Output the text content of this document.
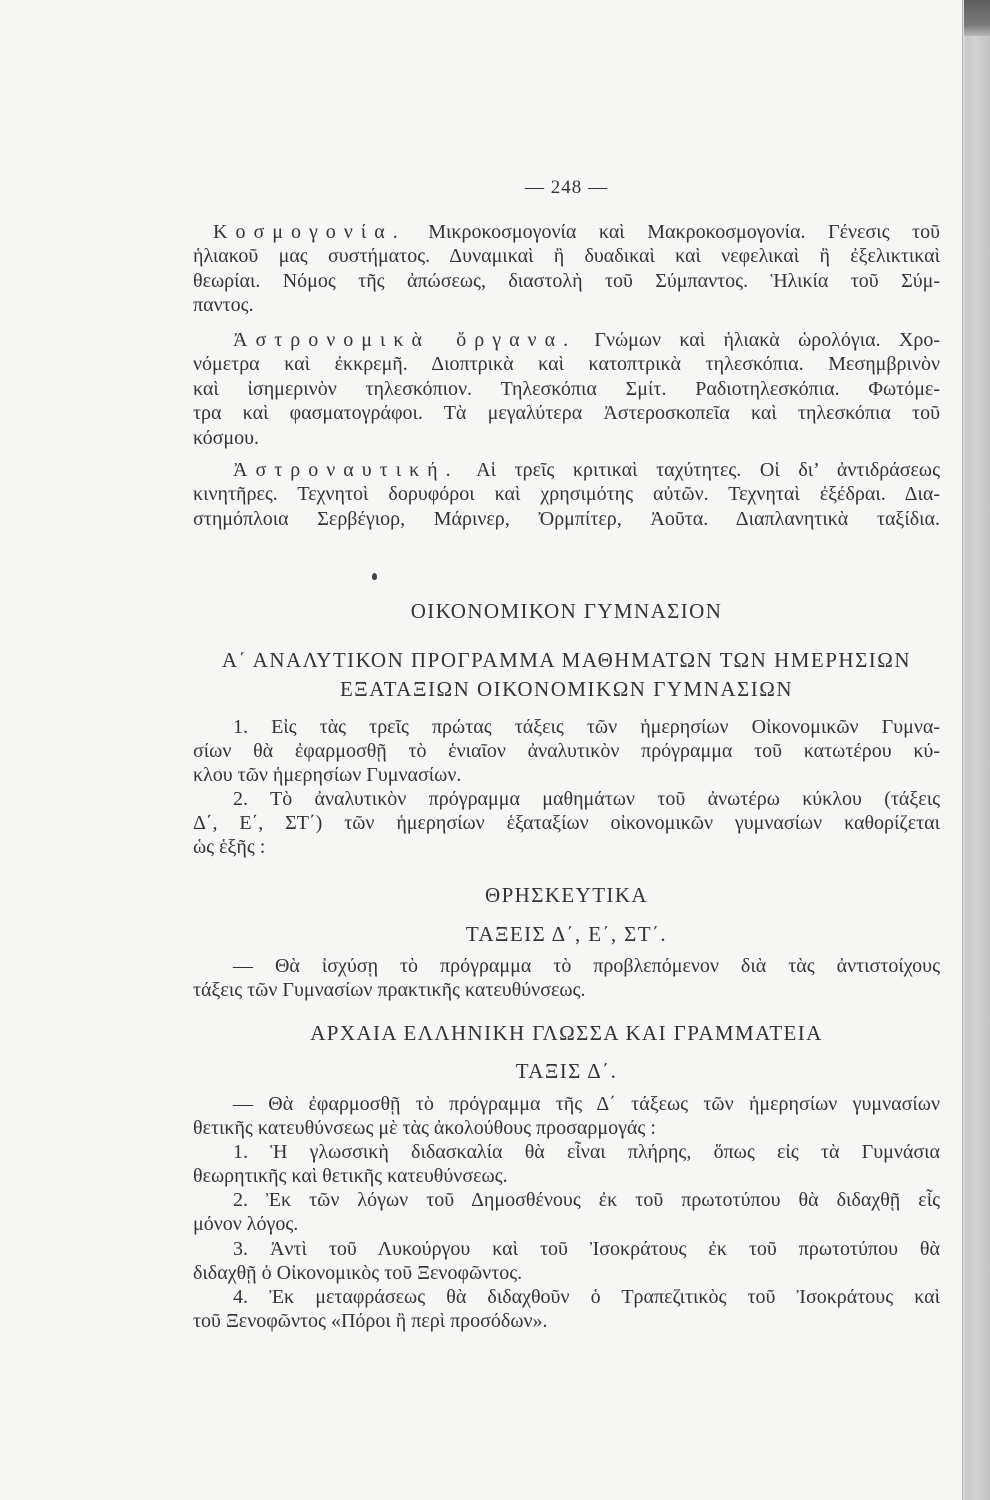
— 248 —
Κοσμογονία. Μικροκοσμογονία καὶ Μακροκοσμογονία. Γένεσις τοῦ
ἡλιακοῦ μας συστήματος. Δυναμικαὶ ἢ δυαδικαὶ καὶ νεφελικαὶ ἢ ἐξελικτικαὶ
θεωρίαι. Νόμος τῆς ἀπώσεως, διαστολὴ τοῦ Σύμπαντος. Ἡλικία τοῦ Σύμ-
παντος.
Ἀστρονομικὰ ὄργανα. Γνώμων καὶ ἡλιακὰ ὡρολόγια. Χρο-
νόμετρα καὶ ἐκκρεμῆ. Διοπτρικὰ καὶ κατοπτρικὰ τηλεσκόπια. Μεσημβρινὸν
καὶ ἰσημερινὸν τηλεσκόπιον. Τηλεσκόπια Σμίτ. Ραδιοτηλεσκόπια. Φωτόμε-
τρα καὶ φασματογράφοι. Τὰ μεγαλύτερα Ἀστεροσκοπεῖα καὶ τηλεσκόπια τοῦ
κόσμου.
Ἀστροναυτική. Αἱ τρεῖς κριτικαὶ ταχύτητες. Οἱ δι’ ἀντιδράσεως
κινητῆρες. Τεχνητοὶ δορυφόροι καὶ χρησιμότης αὐτῶν. Τεχνηταὶ ἐξέδραι. Δια-
στημόπλοια Σερβέγιορ, Μάρινερ, Ὀρμπίτερ, Ἀοῦτα. Διαπλανητικὰ ταξίδια.
ΟΙΚΟΝΟΜΙΚΟΝ ΓΥΜΝΑΣΙΟΝ
Α΄ ΑΝΑΛΥΤΙΚΟΝ ΠΡΟΓΡΑΜΜΑ ΜΑΘΗΜΑΤΩΝ ΤΩΝ ΗΜΕΡΗΣΙΩΝ
ΕΞΑΤΑΞΙΩΝ ΟΙΚΟΝΟΜΙΚΩΝ ΓΥΜΝΑΣΙΩΝ
1. Εἰς τὰς τρεῖς πρώτας τάξεις τῶν ἡμερησίων Οἰκονομικῶν Γυμνα-
σίων θὰ ἐφαρμοσθῇ τὸ ἑνιαῖον ἀναλυτικὸν πρόγραμμα τοῦ κατωτέρου κύ-
κλου τῶν ἡμερησίων Γυμνασίων.
2. Τὸ ἀναλυτικὸν πρόγραμμα μαθημάτων τοῦ ἀνωτέρω κύκλου (τάξεις
Δ΄, Ε΄, ΣΤ΄) τῶν ἡμερησίων ἑξαταξίων οἰκονομικῶν γυμνασίων καθορίζεται
ὡς ἑξῆς :
ΘΡΗΣΚΕΥΤΙΚΑ
ΤΑΞΕΙΣ Δ΄, Ε΄, ΣΤ΄.
— Θὰ ἰσχύσῃ τὸ πρόγραμμα τὸ προβλεπόμενον διὰ τὰς ἀντιστοίχους
τάξεις τῶν Γυμνασίων πρακτικῆς κατευθύνσεως.
ΑΡΧΑΙΑ ΕΛΛΗΝΙΚΗ ΓΛΩΣΣΑ ΚΑΙ ΓΡΑΜΜΑΤΕΙΑ
ΤΑΞΙΣ Δ΄.
— Θὰ ἐφαρμοσθῇ τὸ πρόγραμμα τῆς Δ΄ τάξεως τῶν ἡμερησίων γυμνασίων
θετικῆς κατευθύνσεως μὲ τὰς ἀκολούθους προσαρμογάς :
1. Ἡ γλωσσικὴ διδασκαλία θὰ εἶναι πλήρης, ὅπως εἰς τὰ Γυμνάσια
θεωρητικῆς καὶ θετικῆς κατευθύνσεως.
2. Ἐκ τῶν λόγων τοῦ Δημοσθένους ἐκ τοῦ πρωτοτύπου θὰ διδαχθῇ εἷς
μόνον λόγος.
3. Ἀντὶ τοῦ Λυκούργου καὶ τοῦ Ἰσοκράτους ἐκ τοῦ πρωτοτύπου θὰ
διδαχθῇ ὁ Οἰκονομικὸς τοῦ Ξενοφῶντος.
4. Ἐκ μεταφράσεως θὰ διδαχθοῦν ὁ Τραπεζιτικὸς τοῦ Ἰσοκράτους καὶ
τοῦ Ξενοφῶντος «Πόροι ἢ περὶ προσόδων».
